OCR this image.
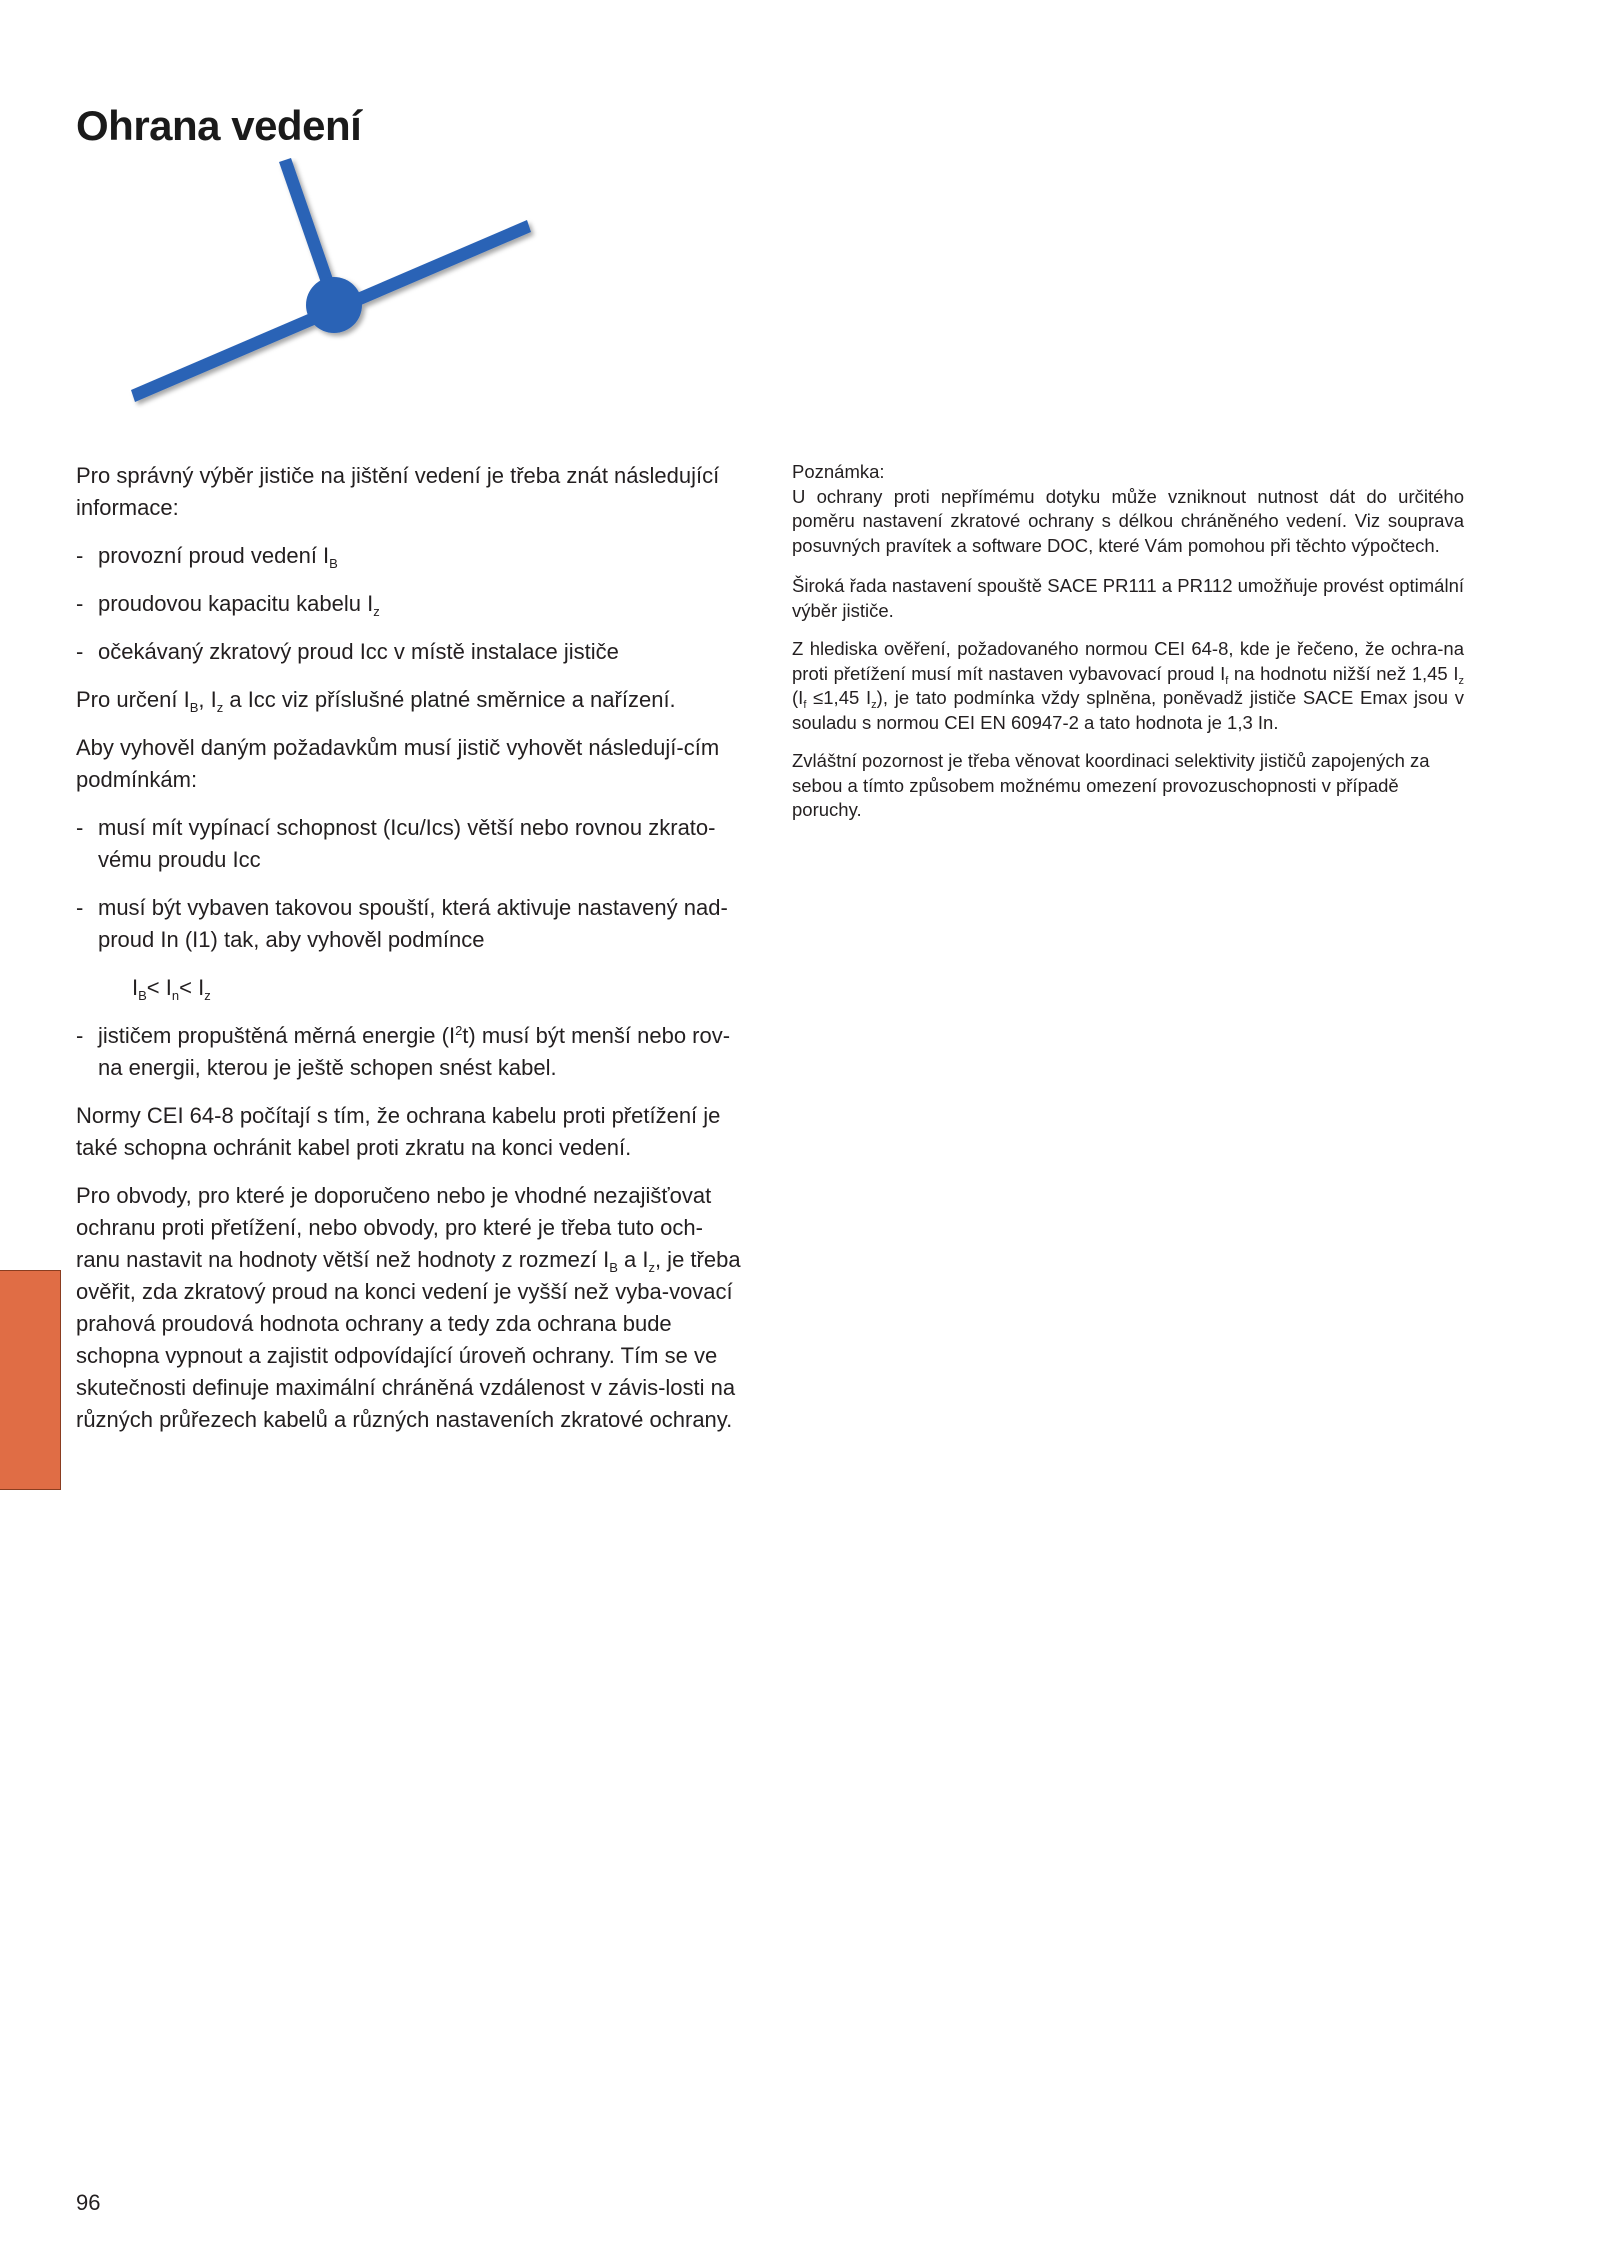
Ohrana vedení

Pro správný výběr jističe na jištění vedení je třeba znát následující informace:

- provozní proud vedení $I_B$
- proudovou kapacitu kabelu $I_z$
- očekávaný zkratový proud Icc v místě instalace jističe

Pro určení $I_B$, $I_z$ a Icc viz příslušné platné směrnice a nařízení.

Aby vyhověl daným požadavkům musí jistič vyhovět následují-cím podmínkám:

- musí mít vypínací schopnost (Icu/Ics) větší nebo rovnou zkrato-vému proudu Icc
- musí být vybaven takovou spouští, která aktivuje nastavený nad-proud In (I1) tak, aby vyhověl podmínce
$I_B< I_n< I_z$
- jističem propuštěná měrná energie $(I^2t)$ musí být menší nebo rov-na energii, kterou je ještě schopen snést kabel.

Normy CEI 64-8 počítají s tím, že ochrana kabelu proti přetížení je také schopna ochránit kabel proti zkratu na konci vedení.

Pro obvody, pro které je doporučeno nebo je vhodné nezajišťovat ochranu proti přetížení, nebo obvody, pro které je třeba tuto och-ranu nastavit na hodnoty větší než hodnoty z rozmezí $I_B$ a $I_z$, je třeba ověřit, zda zkratový proud na konci vedení je vyšší než vyba-vovací prahová proudová hodnota ochrany a tedy zda ochrana bude schopna vypnout a zajistit odpovídající úroveň ochrany. Tím se ve skutečnosti definuje maximální chráněná vzdálenost v závis-losti na různých průřezech kabelů a různých nastaveních zkratové ochrany.

Poznámka:
U ochrany proti nepřímému dotyku může vzniknout nutnost dát do určitého poměru nastavení zkratové ochrany s délkou chráněného vedení. Viz souprava posuvných pravítek a software DOC, které Vám pomohou při těchto výpočtech.

Široká řada nastavení spouště SACE PR111 a PR112 umožňuje provést optimální výběr jističe.

Z hlediska ověření, požadovaného normou CEI 64-8, kde je řečeno, že ochra-na proti přetížení musí mít nastaven vybavovací proud $I_f$ na hodnotu nižší než 1,45 $I_z$ ($I_f \le 1,45$ $I_z$), je tato podmínka vždy splněna, poněvadž jističe SACE Emax jsou v souladu s normou CEI EN 60947-2 a tato hodnota je 1,3 In.

Zvláštní pozornost je třeba věnovat koordinaci selektivity jističů zapojených za sebou a tímto způsobem možnému omezení provozuschopnosti v případě poruchy.

96
